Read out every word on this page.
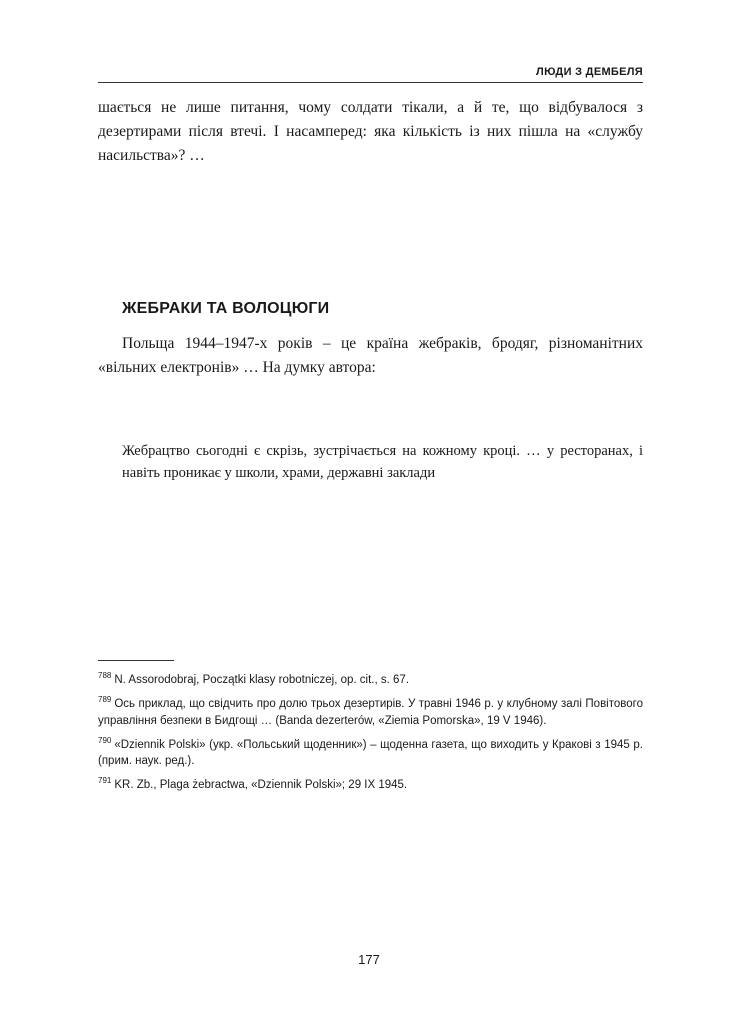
ЛЮДИ З ДЕМБЕЛЯ
шається не лише питання, чому солдати тікали, а й те, що відбувалося з дезертирами після втечі. І насамперед: яка кількість із них пішла на «службу насильства»? …
ЖЕБРАКИ ТА ВОЛОЦЮГИ
Польща 1944–1947-х років – це країна жебраків, бродяг, різноманітних «вільних електронів» … На думку автора:
Жебрацтво сьогодні є скрізь, зустрічається на кожному кроці. … у ресторанах, і навіть проникає у школи, храми, державні заклади
$^{788}$ N. Assorodobraj, Początki klasy robotniczej, op. cit., s. 67.
$^{789}$ Ось приклад, що свідчить про долю трьох дезертирів. У травні 1946 р. у клубному залі Повітового управління безпеки в Бидгощі … (Banda dezerterów, «Ziemia Pomorska», 19 V 1946).
$^{790}$ «Dziennik Polski» (укр. «Польський щоденник») – щоденна газета, що виходить у Кракові з 1945 р. (прим. наук. ред.).
$^{791}$ KR. Zb., Plaga żebractwa, «Dziennik Polski»; 29 IX 1945.
177
